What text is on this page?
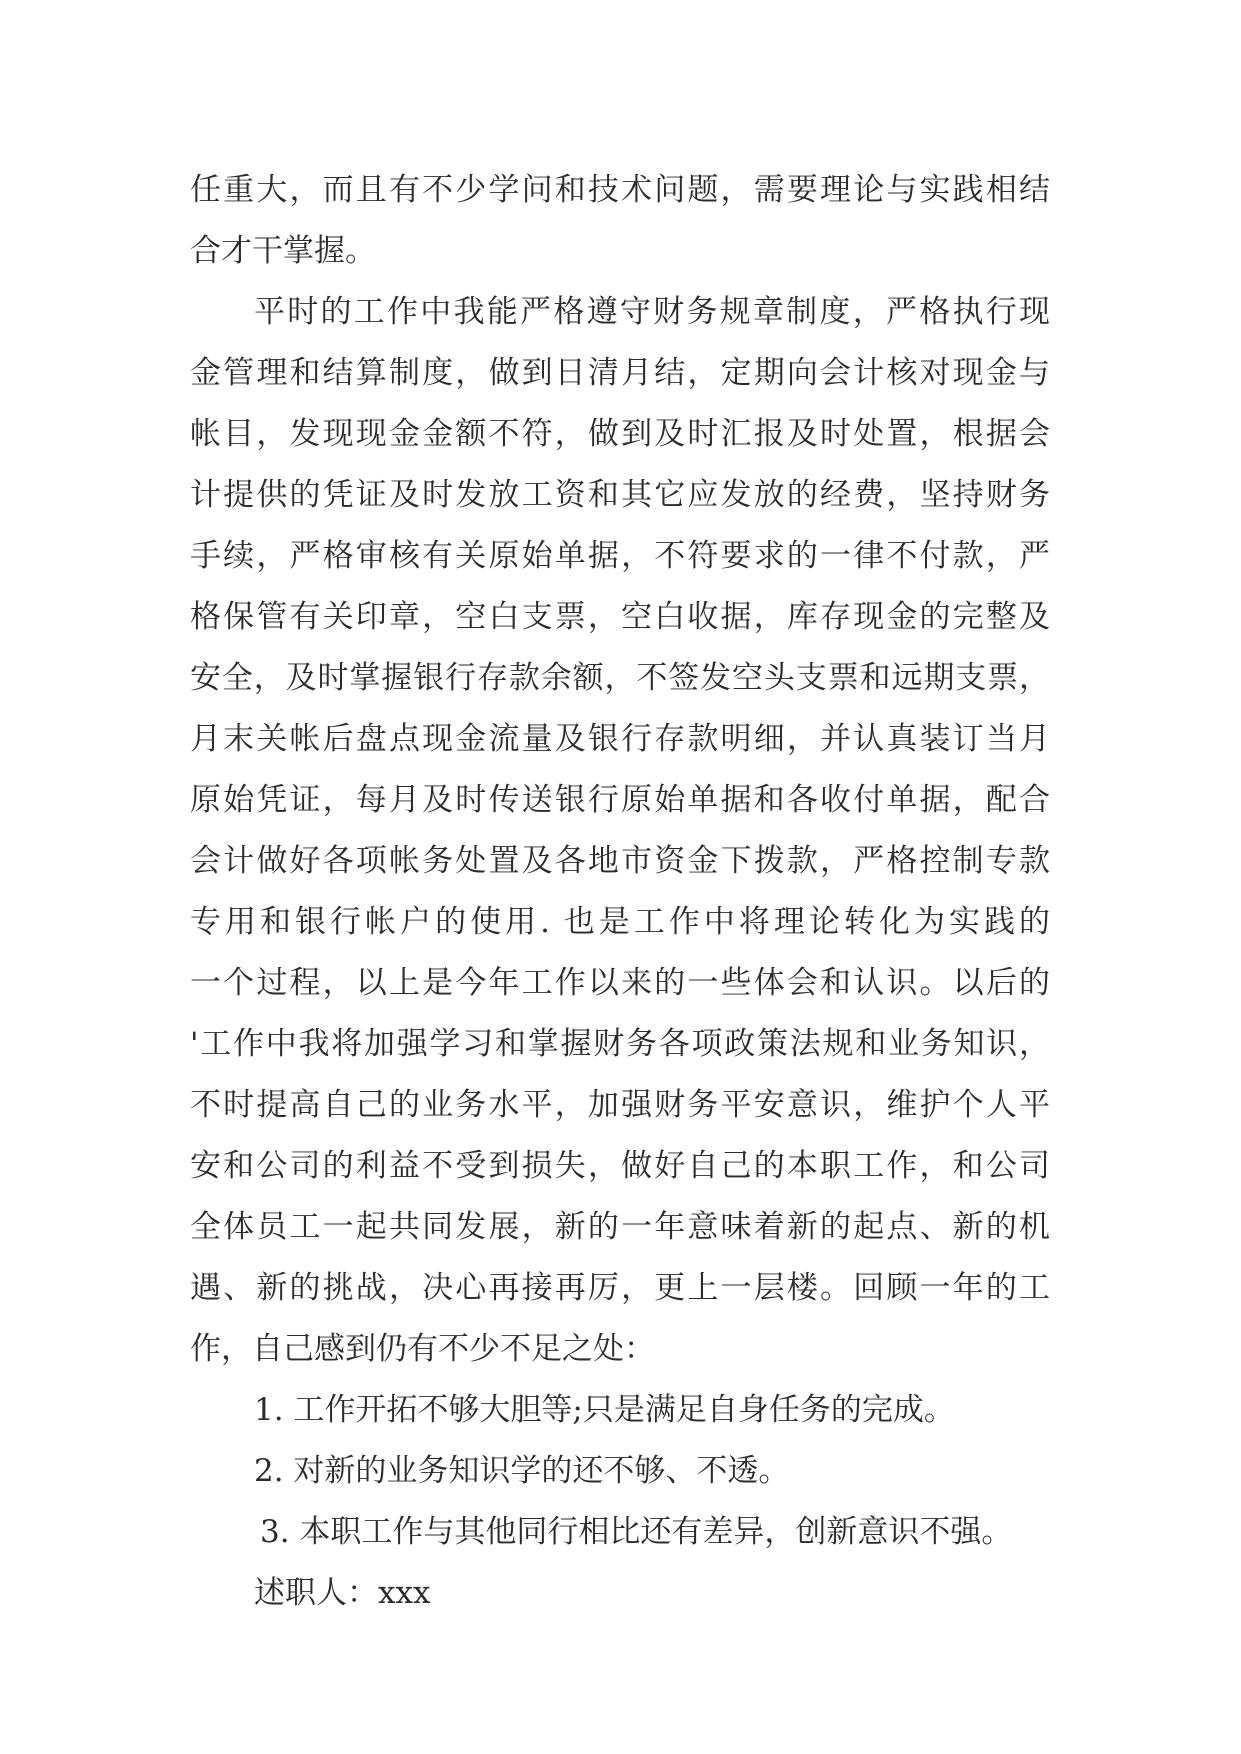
任重大，而且有不少学问和技术问题，需要理论与实践相结
合才干掌握。
平时的工作中我能严格遵守财务规章制度，严格执行现
金管理和结算制度，做到日清月结，定期向会计核对现金与
帐目，发现现金金额不符，做到及时汇报及时处置，根据会
计提供的凭证及时发放工资和其它应发放的经费，坚持财务
手续，严格审核有关原始单据，不符要求的一律不付款，严
格保管有关印章，空白支票，空白收据，库存现金的完整及
安全，及时掌握银行存款余额，不签发空头支票和远期支票，
月末关帐后盘点现金流量及银行存款明细，并认真装订当月
原始凭证，每月及时传送银行原始单据和各收付单据，配合
会计做好各项帐务处置及各地市资金下拨款，严格控制专款
专用和银行帐户的使用. 也是工作中将理论转化为实践的
一个过程，以上是今年工作以来的一些体会和认识。以后的
'工作中我将加强学习和掌握财务各项政策法规和业务知识，
不时提高自己的业务水平，加强财务平安意识，维护个人平
安和公司的利益不受到损失，做好自己的本职工作，和公司
全体员工一起共同发展，新的一年意味着新的起点、新的机
遇、新的挑战，决心再接再厉，更上一层楼。回顾一年的工
作，自己感到仍有不少不足之处：
1. 工作开拓不够大胆等;只是满足自身任务的完成。
2. 对新的业务知识学的还不够、不透。
3. 本职工作与其他同行相比还有差异，创新意识不强。
述职人：xxx
